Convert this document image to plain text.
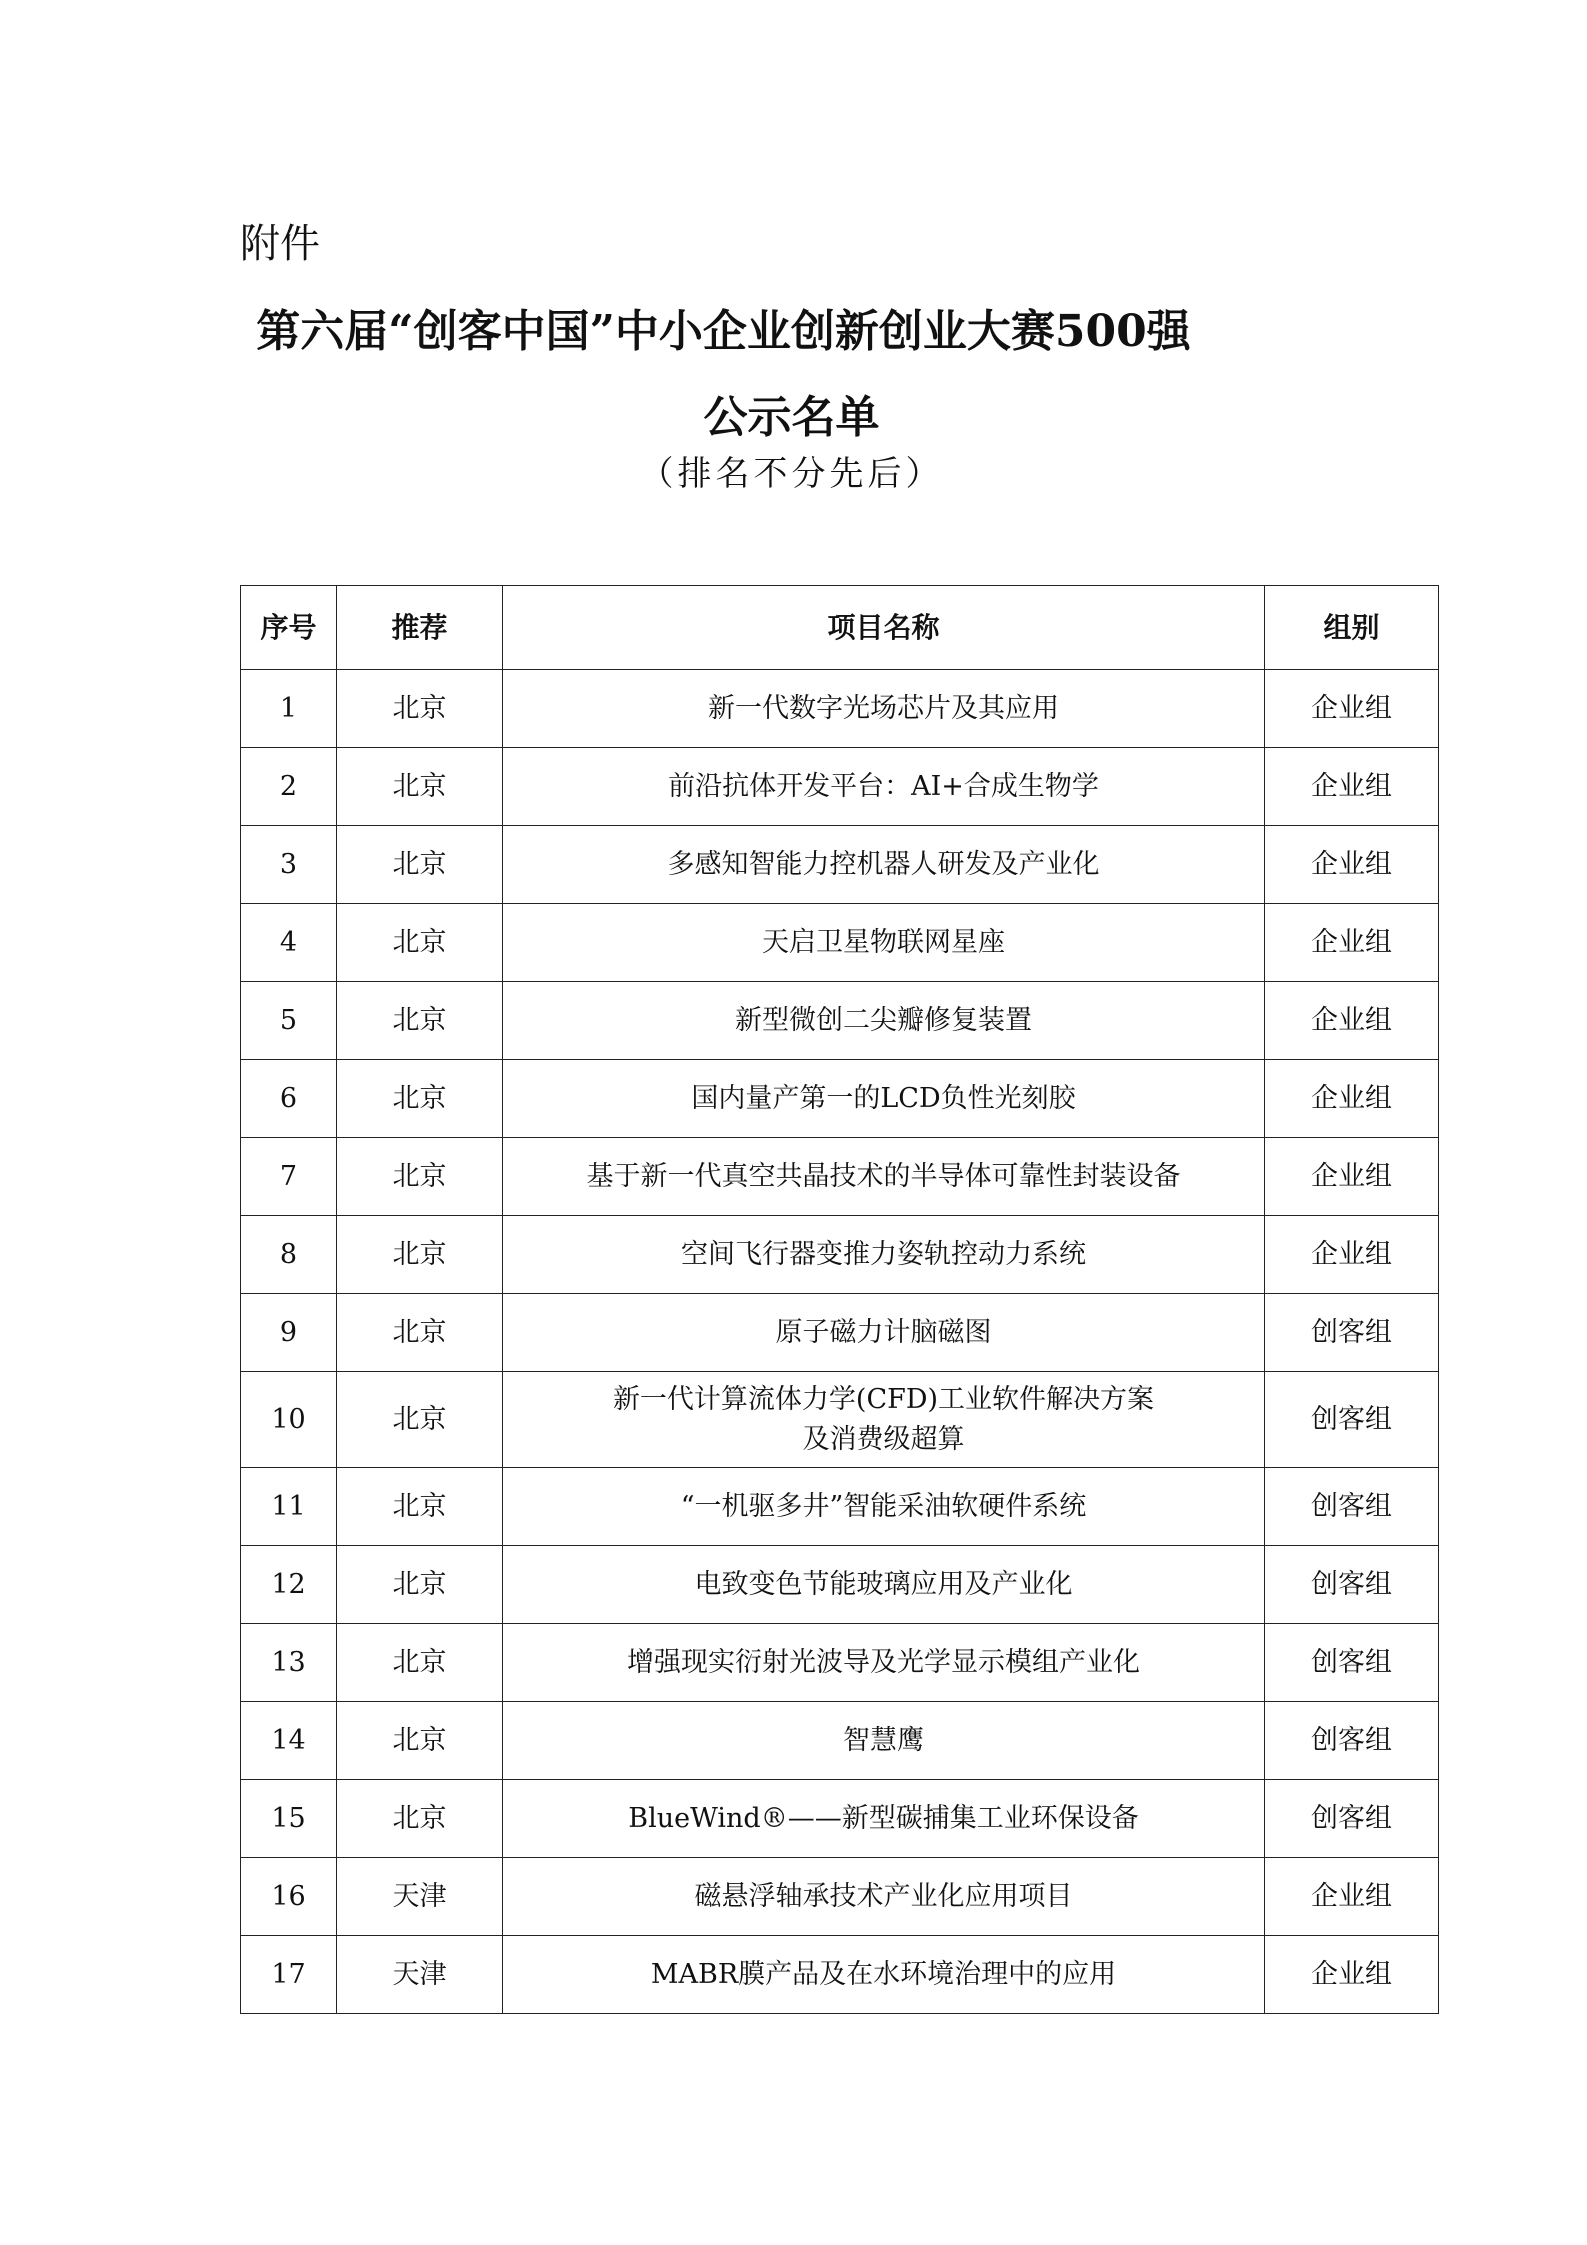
附件
第六届“创客中国”中小企业创新创业大赛500强
公示名单
（排名不分先后）
序号	推荐	项目名称	组别
1	北京	新一代数字光场芯片及其应用	企业组
2	北京	前沿抗体开发平台：AI+合成生物学	企业组
3	北京	多感知智能力控机器人研发及产业化	企业组
4	北京	天启卫星物联网星座	企业组
5	北京	新型微创二尖瓣修复装置	企业组
6	北京	国内量产第一的LCD负性光刻胶	企业组
7	北京	基于新一代真空共晶技术的半导体可靠性封装设备	企业组
8	北京	空间飞行器变推力姿轨控动力系统	企业组
9	北京	原子磁力计脑磁图	创客组
10	北京	新一代计算流体力学(CFD)工业软件解决方案
及消费级超算	创客组
11	北京	“一机驱多井”智能采油软硬件系统	创客组
12	北京	电致变色节能玻璃应用及产业化	创客组
13	北京	增强现实衍射光波导及光学显示模组产业化	创客组
14	北京	智慧鹰	创客组
15	北京	BlueWind®——新型碳捕集工业环保设备	创客组
16	天津	磁悬浮轴承技术产业化应用项目	企业组
17	天津	MABR膜产品及在水环境治理中的应用	企业组
